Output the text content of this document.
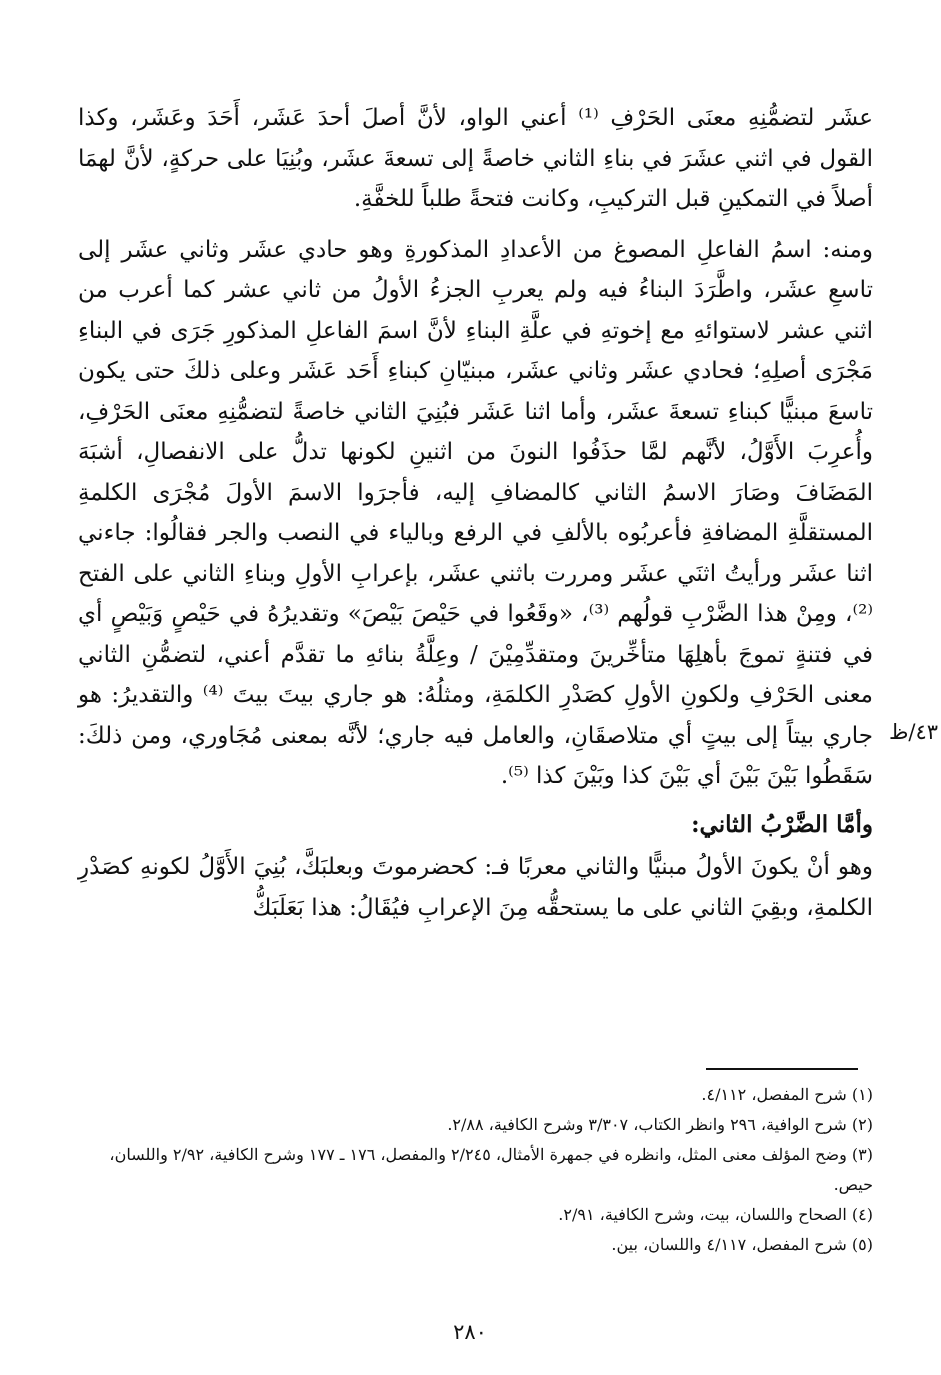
عشَر لتضمُّنِهِ معنَى الحَرْفِ ⁽¹⁾ أعني الواو، لأنَّ أصلَ أحدَ عَشَر، أَحَدَ وعَشَر، وكذا القول في اثني عشَرَ في بناءِ الثاني خاصةً إلى تسعةَ عشَر، وبُنِيَا على حركةٍ، لأنَّ لهمَا أصلاً في التمكينِ قبل التركيبِ، وكانت فتحةً طلباً للخفَّةِ.

ومنه: اسمُ الفاعلِ المصوغ من الأعدادِ المذكورةِ وهو حادي عشَر وثاني عشَر إلى تاسعِ عشَر، واطَّرَدَ البناءُ فيه ولم يعربِ الجزءُ الأولُ من ثاني عشر كما أعرب من اثني عشر لاستوائهِ مع إخوتهِ في علَّةِ البناءِ لأنَّ اسمَ الفاعلِ المذكورِ جَرَى في البناءِ مَجْرَى أصلِهِ؛ فحادي عشَر وثاني عشَر، مبنيّانِ كبناءِ أَحَد عَشَر وعلى ذلكَ حتى يكون تاسعَ مبنيًّا كبناءِ تسعةَ عشَر، وأما اثنا عَشَر فبُنِيَ الثاني خاصةً لتضمُّنِهِ معنَى الحَرْفِ، وأُعرِبَ الأَوَّلُ، لأنَّهم لمَّا حذَفُوا النونَ من اثنينِ لكونها تدلُّ على الانفصالِ، أشبَهَ المَضَافَ وصَارَ الاسمُ الثاني كالمضافِ إليه، فأجرَوا الاسمَ الأولَ مُجْرَى الكلمةِ المستقلَّةِ المضافةِ فأعربُوه بالألفِ في الرفع وبالياء في النصب والجر فقالُوا: جاءني اثنا عشَر ورأيتُ اثنَي عشَر ومررت باثني عشَر، بإعرابِ الأولِ وبناءِ الثاني على الفتح ⁽²⁾، ومِنْ هذا الضَّرْبِ قولُهم ⁽³⁾، «وقَعُوا في حَيْصَ بَيْصَ» وتقديرُهُ في حَيْصٍ وَبَيْصٍ أي في فتنةٍ تموجَ بأهلِهَا متأخِّرينَ ومتقدِّمِيْنَ / وعِلَّةُ بنائهِ ما تقدَّم أعني، لتضمُّنِ الثاني معنى الحَرْفِ ولكونِ الأولِ كصَدْرِ الكلمَةِ، ومثلُهُ: هو جاري بيتَ بيتَ ⁽⁴⁾ والتقديرُ: هو جاري بيتاً إلى بيتٍ أي متلاصقَانِ، والعامل فيه جاري؛ لأنَّه بمعنى مُجَاوري، ومن ذلكَ: سَقَطُوا بَيْنَ بَيْنَ أي بَيْنَ كذا وبَيْنَ كذا ⁽⁵⁾.

وأمَّا الضَّرْبُ الثاني:

وهو أنْ يكونَ الأولُ مبنيًّا والثاني معربًا فـ: كحضرموتَ وبعلبَكَّ، بُنِيَ الأَوَّلُ لكونهِ كصَدْرِ الكلمةِ، وبقِيَ الثاني على ما يستحقُّه مِنَ الإعرابِ فيُقَالُ: هذا بَعَلَبَكُّ

٤٣/ظ
(١) شرح المفصل، ٤/١١٢.
(٢) شرح الوافية، ٢٩٦ وانظر الكتاب، ٣/٣٠٧ وشرح الكافية، ٢/٨٨.
(٣) وضح المؤلف معنى المثل، وانظره في جمهرة الأمثال، ٢/٢٤٥ والمفصل، ١٧٦ ـ ١٧٧ وشرح الكافية، ٢/٩٢ واللسان، حيص.
(٤) الصحاح واللسان، بيت، وشرح الكافية، ٢/٩١.
(٥) شرح المفصل، ٤/١١٧ واللسان، بين.
٢٨٠
